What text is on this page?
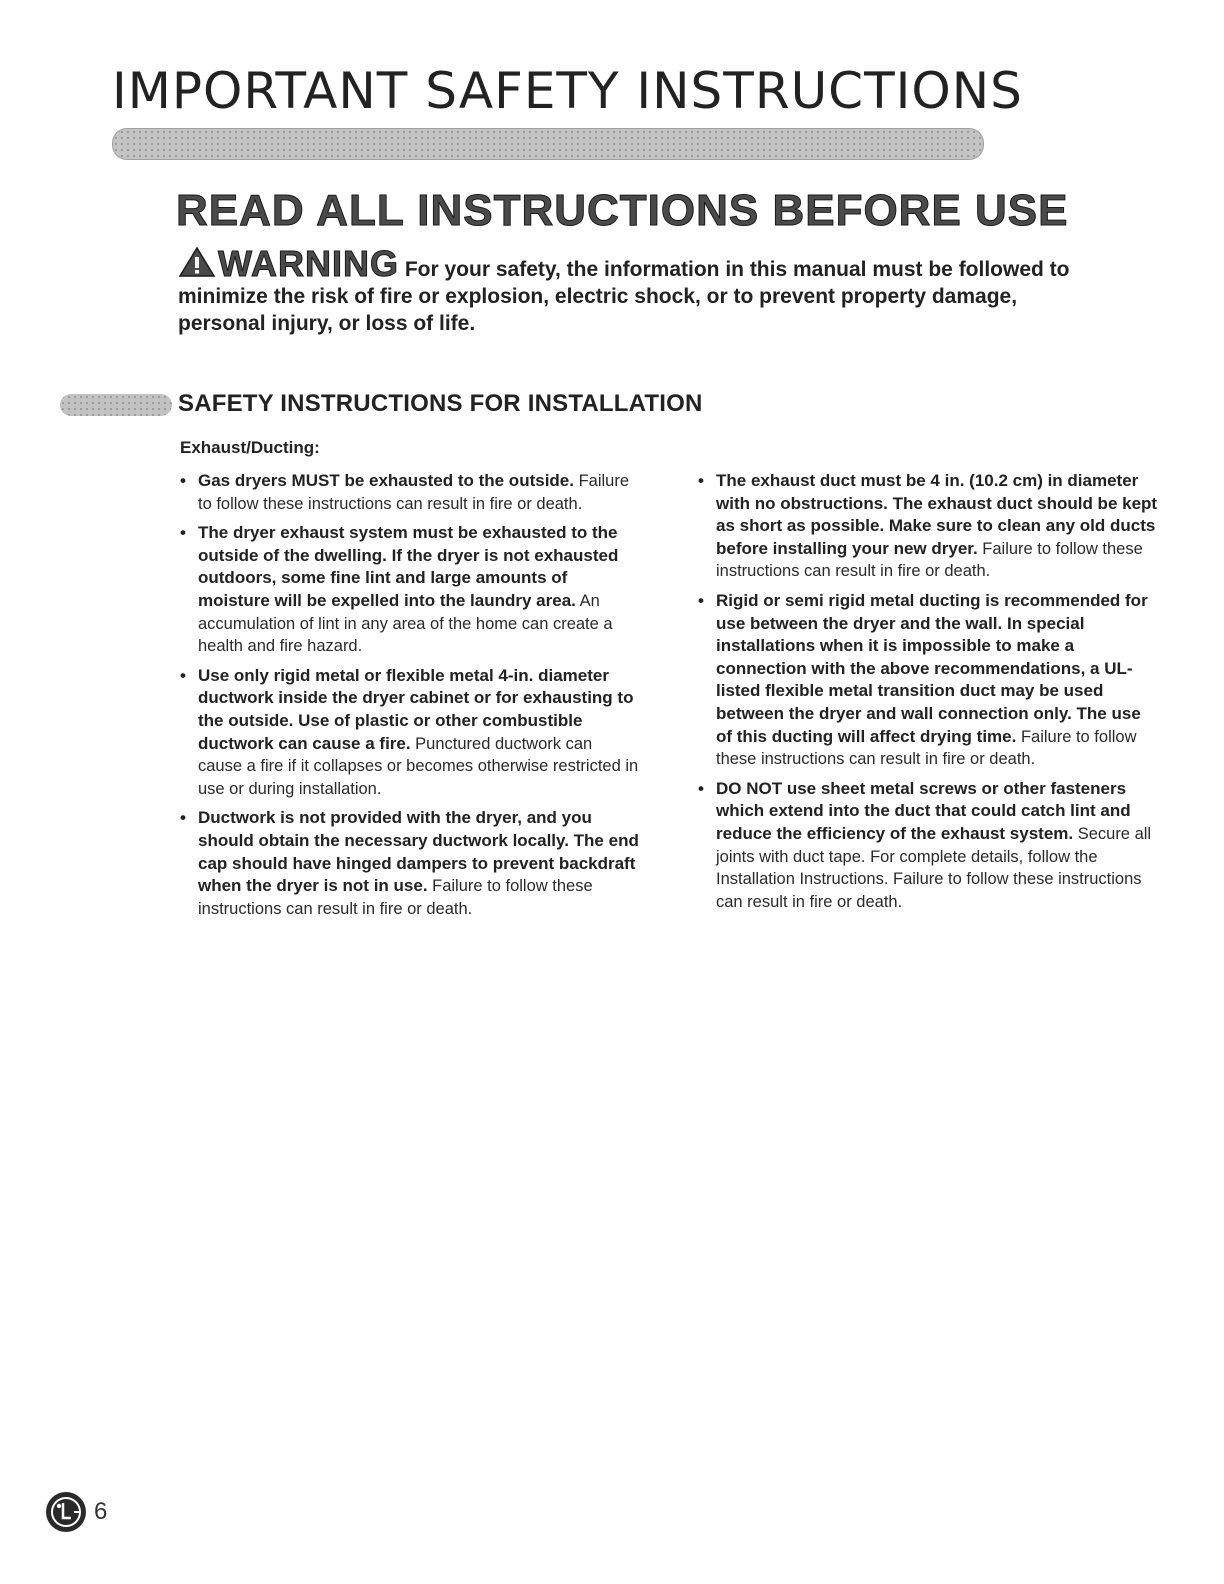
IMPORTANT SAFETY INSTRUCTIONS
READ ALL INSTRUCTIONS BEFORE USE
WARNING For your safety, the information in this manual must be followed to minimize the risk of fire or explosion, electric shock, or to prevent property damage, personal injury, or loss of life.
SAFETY INSTRUCTIONS FOR INSTALLATION
Exhaust/Ducting:
• Gas dryers MUST be exhausted to the outside. Failure to follow these instructions can result in fire or death.
• The dryer exhaust system must be exhausted to the outside of the dwelling. If the dryer is not exhausted outdoors, some fine lint and large amounts of moisture will be expelled into the laundry area. An accumulation of lint in any area of the home can create a health and fire hazard.
• Use only rigid metal or flexible metal 4-in. diameter ductwork inside the dryer cabinet or for exhausting to the outside. Use of plastic or other combustible ductwork can cause a fire. Punctured ductwork can cause a fire if it collapses or becomes otherwise restricted in use or during installation.
• Ductwork is not provided with the dryer, and you should obtain the necessary ductwork locally. The end cap should have hinged dampers to prevent backdraft when the dryer is not in use. Failure to follow these instructions can result in fire or death.
• The exhaust duct must be 4 in. (10.2 cm) in diameter with no obstructions. The exhaust duct should be kept as short as possible. Make sure to clean any old ducts before installing your new dryer. Failure to follow these instructions can result in fire or death.
• Rigid or semi rigid metal ducting is recommended for use between the dryer and the wall. In special installations when it is impossible to make a connection with the above recommendations, a UL-listed flexible metal transition duct may be used between the dryer and wall connection only. The use of this ducting will affect drying time. Failure to follow these instructions can result in fire or death.
• DO NOT use sheet metal screws or other fasteners which extend into the duct that could catch lint and reduce the efficiency of the exhaust system. Secure all joints with duct tape. For complete details, follow the Installation Instructions. Failure to follow these instructions can result in fire or death.
6
